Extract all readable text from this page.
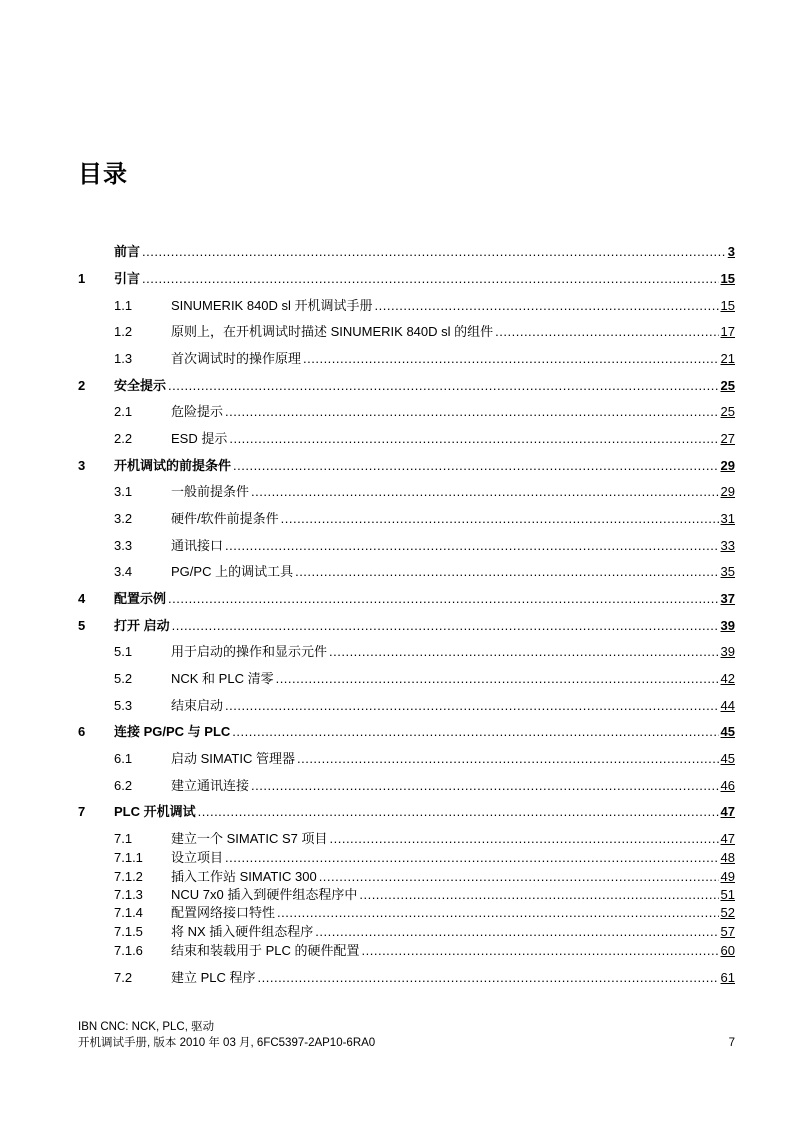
目录
前言 .....	3
1 引言 .....	15
1.1	SINUMERIK 840D sl 开机调试手册 .....	15
1.2	原则上，在开机调试时描述 SINUMERIK 840D sl 的组件 .....	17
1.3	首次调试时的操作原理 .....	21
2 安全提示 .....	25
2.1	危险提示 .....	25
2.2	ESD 提示 .....	27
3 开机调试的前提条件 .....	29
3.1	一般前提条件 .....	29
3.2	硬件/软件前提条件 .....	31
3.3	通讯接口 .....	33
3.4	PG/PC 上的调试工具 .....	35
4 配置示例 .....	37
5 打开 启动 .....	39
5.1	用于启动的操作和显示元件 .....	39
5.2	NCK 和 PLC 清零 .....	42
5.3	结束启动 .....	44
6 连接 PG/PC 与 PLC .....	45
6.1	启动 SIMATIC 管理器 .....	45
6.2	建立通讯连接 .....	46
7 PLC 开机调试 .....	47
7.1	建立一个 SIMATIC S7 项目 .....	47
7.1.1 设立项目 .....	48
7.1.2 插入工作站 SIMATIC 300 .....	49
7.1.3 NCU 7x0 插入到硬件组态程序中 .....	51
7.1.4 配置网络接口特性 .....	52
7.1.5 将 NX 插入硬件组态程序 .....	57
7.1.6 结束和装载用于 PLC 的硬件配置 .....	60
7.2	建立 PLC 程序 .....	61
IBN CNC: NCK, PLC, 驱动
开机调试手册, 版本 2010 年 03 月, 6FC5397-2AP10-6RA0	7
